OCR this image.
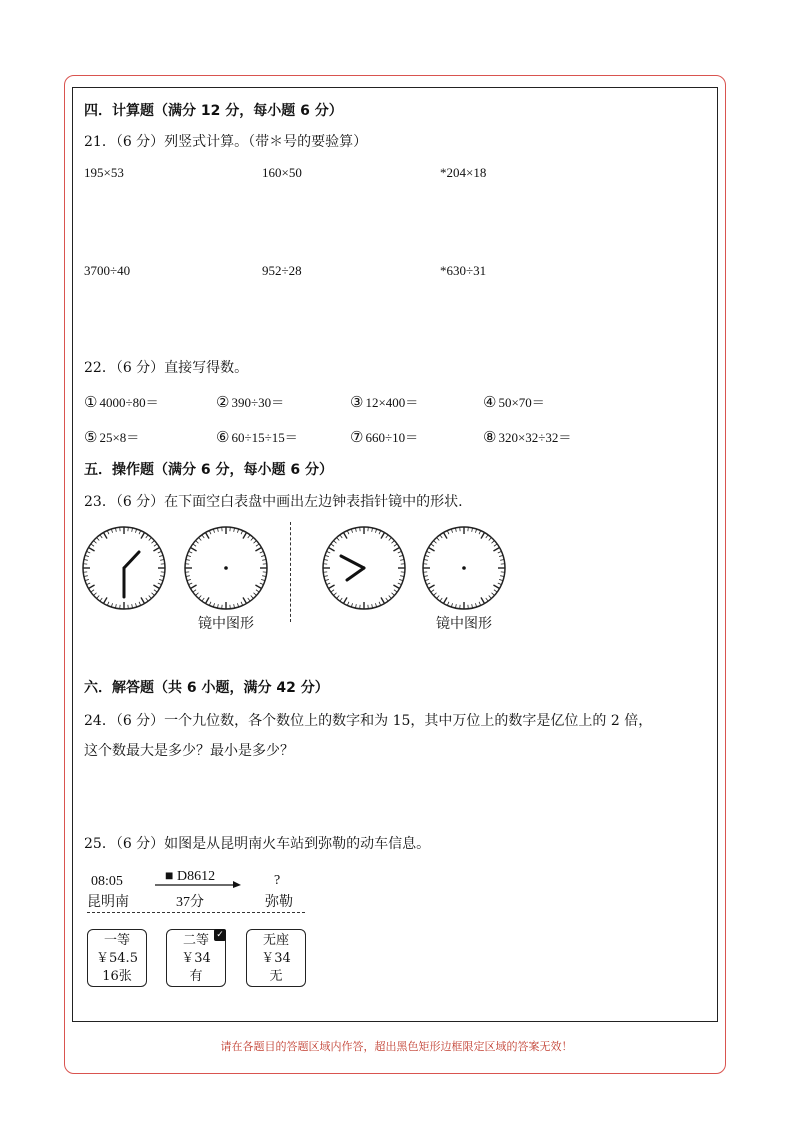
四．计算题（满分 12 分，每小题 6 分）
21．（6 分）列竖式计算。（带＊号的要验算）
195×53	160×50	*204×18
3700÷40	952÷28	*630÷31
22．（6 分）直接写得数。
① 4000÷80＝	② 390÷30＝	③ 12×400＝	④ 50×70＝
⑤ 25×8＝	⑥ 60÷15÷15＝	⑦ 660÷10＝	⑧ 320×32÷32＝
五．操作题（满分 6 分，每小题 6 分）
23．（6 分）在下面空白表盘中画出左边钟表指针镜中的形状.
镜中图形	镜中图形
六．解答题（共 6 小题，满分 42 分）
24．（6 分）一个九位数，各个数位上的数字和为 15，其中万位上的数字是亿位上的 2 倍，
这个数最大是多少？最小是多少？
25．（6 分）如图是从昆明南火车站到弥勒的动车信息。
08:05
昆明南
■ D8612
37分
?
弥勒
一等
￥54.5
16张
✓
二等
￥34
有
无座
￥34
无
请在各题目的答题区域内作答，超出黑色矩形边框限定区域的答案无效！
